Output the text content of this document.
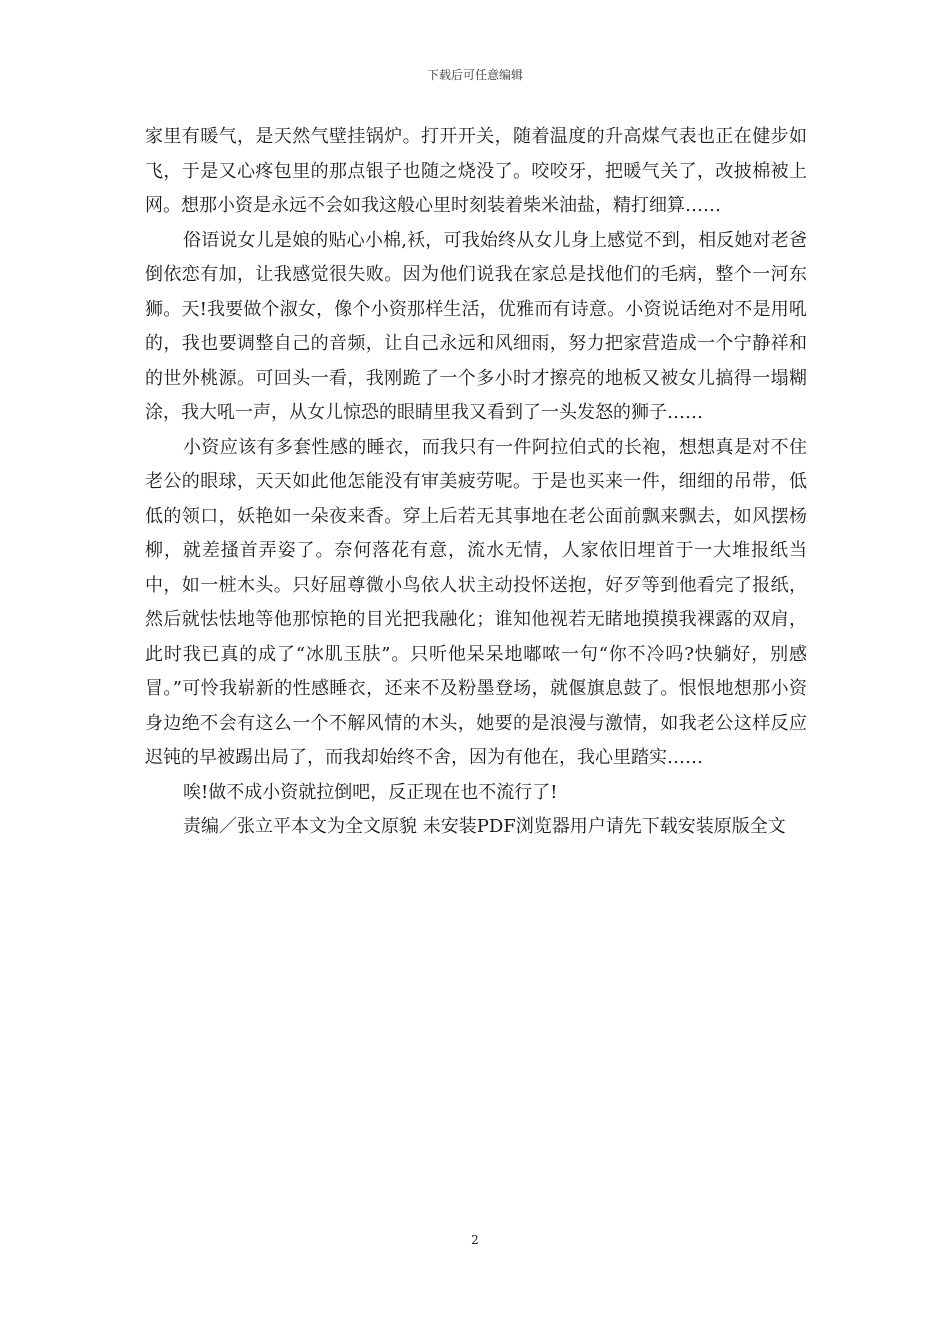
下载后可任意编辑

家里有暖气，是天然气壁挂锅炉。打开开关，随着温度的升高煤气表也正在健步如飞，于是又心疼包里的那点银子也随之烧没了。咬咬牙，把暖气关了，改披棉被上网。想那小资是永远不会如我这般心里时刻装着柴米油盐，精打细算……

俗语说女儿是娘的贴心小棉,袄，可我始终从女儿身上感觉不到，相反她对老爸倒依恋有加，让我感觉很失败。因为他们说我在家总是找他们的毛病，整个一河东狮。天!我要做个淑女，像个小资那样生活，优雅而有诗意。小资说话绝对不是用吼的，我也要调整自己的音频，让自己永远和风细雨，努力把家营造成一个宁静祥和的世外桃源。可回头一看，我刚跪了一个多小时才擦亮的地板又被女儿搞得一塌糊涂，我大吼一声，从女儿惊恐的眼睛里我又看到了一头发怒的狮子……

小资应该有多套性感的睡衣，而我只有一件阿拉伯式的长袍，想想真是对不住老公的眼球，天天如此他怎能没有审美疲劳呢。于是也买来一件，细细的吊带，低低的领口，妖艳如一朵夜来香。穿上后若无其事地在老公面前飘来飘去，如风摆杨柳，就差搔首弄姿了。奈何落花有意，流水无情，人家依旧埋首于一大堆报纸当中，如一桩木头。只好屈尊微小鸟依人状主动投怀送抱，好歹等到他看完了报纸，然后就怯怯地等他那惊艳的目光把我融化；谁知他视若无睹地摸摸我裸露的双肩，此时我已真的成了“冰肌玉肤”。只听他呆呆地嘟哝一句“你不冷吗?快躺好，别感冒。”可怜我崭新的性感睡衣，还来不及粉墨登场，就偃旗息鼓了。恨恨地想那小资身边绝不会有这么一个不解风情的木头，她要的是浪漫与激情，如我老公这样反应迟钝的早被踢出局了，而我却始终不舍，因为有他在，我心里踏实……

唉!做不成小资就拉倒吧，反正现在也不流行了!

责编／张立平本文为全文原貌 未安装PDF浏览器用户请先下载安装原版全文

2
